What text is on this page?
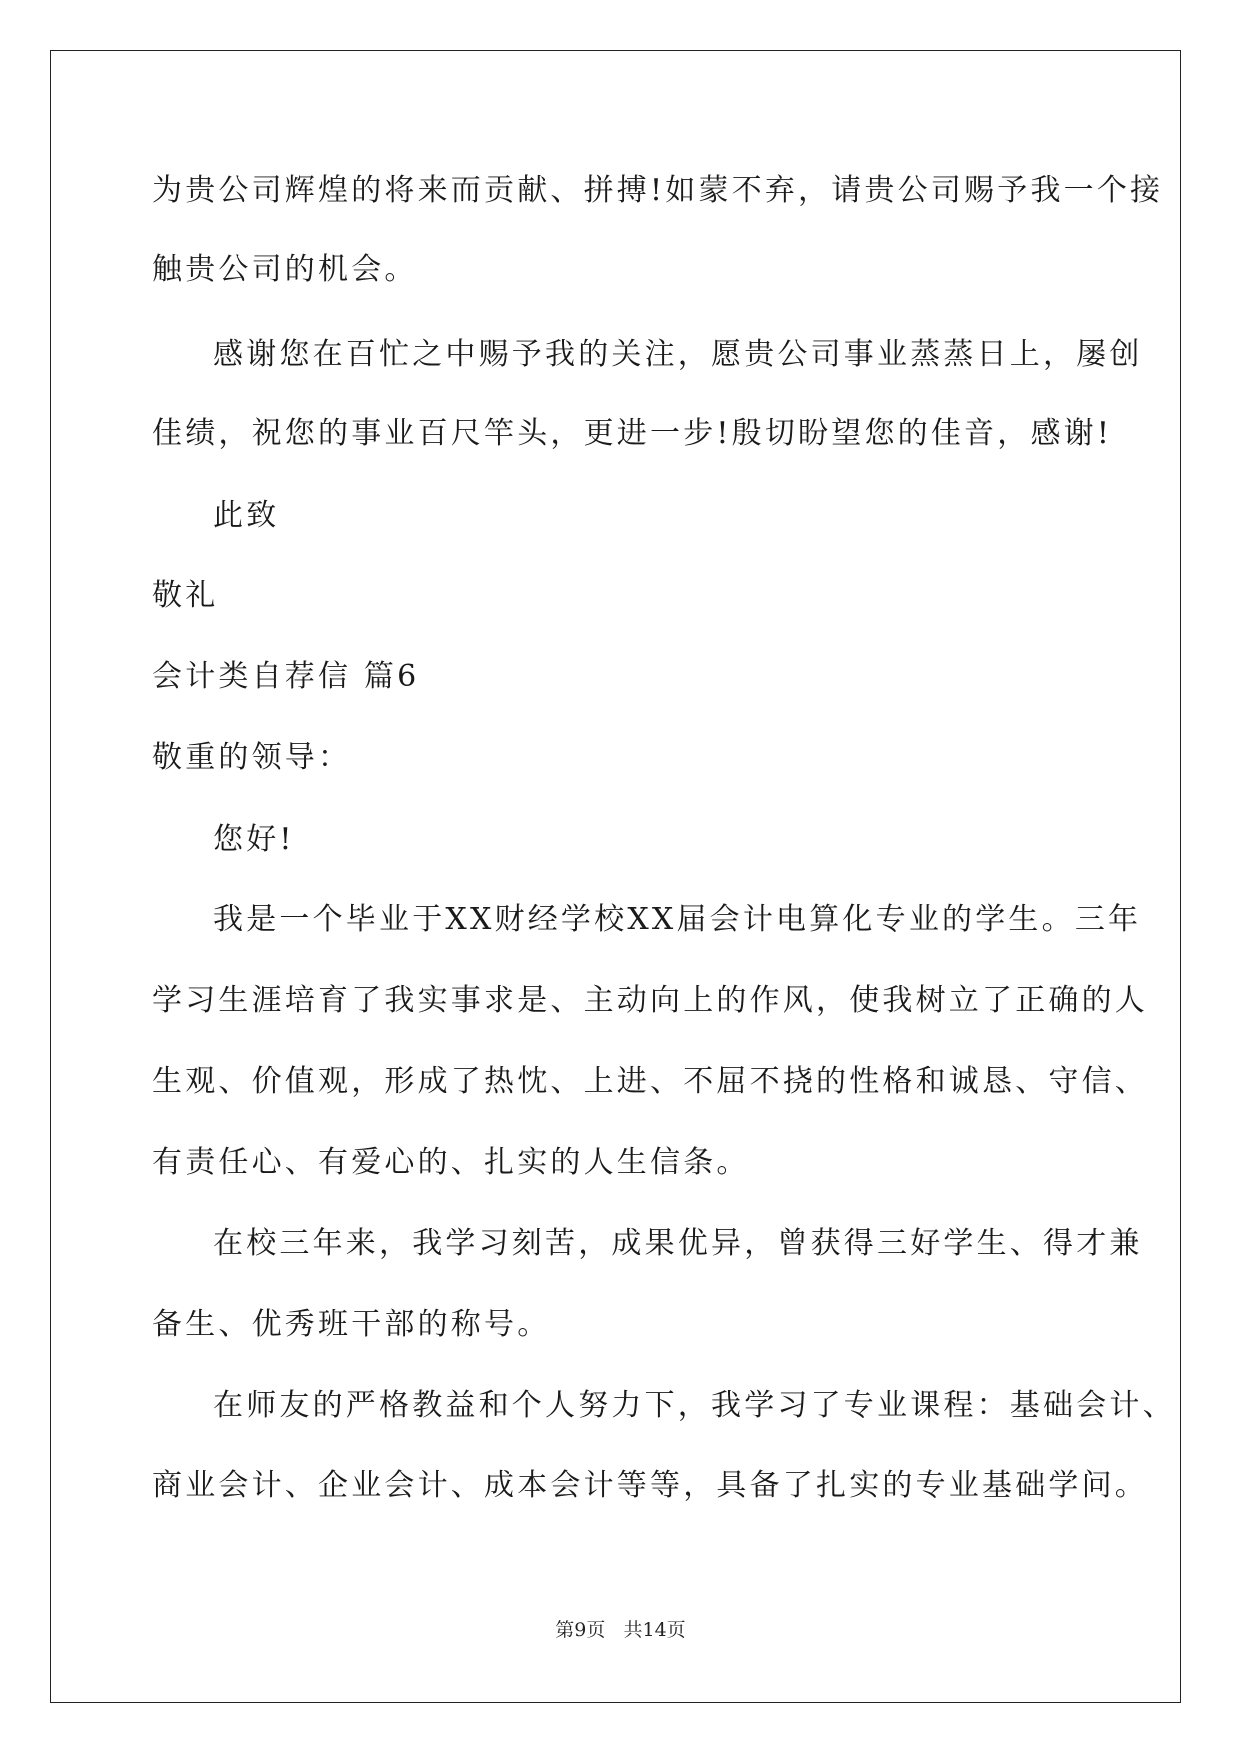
为贵公司辉煌的将来而贡献、拼搏!如蒙不弃，请贵公司赐予我一个接
触贵公司的机会。
感谢您在百忙之中赐予我的关注，愿贵公司事业蒸蒸日上，屡创
佳绩，祝您的事业百尺竿头，更进一步!殷切盼望您的佳音，感谢!
此致
敬礼
会计类自荐信 篇6
敬重的领导：
您好!
我是一个毕业于XX财经学校XX届会计电算化专业的学生。三年
学习生涯培育了我实事求是、主动向上的作风，使我树立了正确的人
生观、价值观，形成了热忱、上进、不屈不挠的性格和诚恳、守信、
有责任心、有爱心的、扎实的人生信条。
在校三年来，我学习刻苦，成果优异，曾获得三好学生、得才兼
备生、优秀班干部的称号。
在师友的严格教益和个人努力下，我学习了专业课程：基础会计、
商业会计、企业会计、成本会计等等，具备了扎实的专业基础学问。
第9页   共14页
